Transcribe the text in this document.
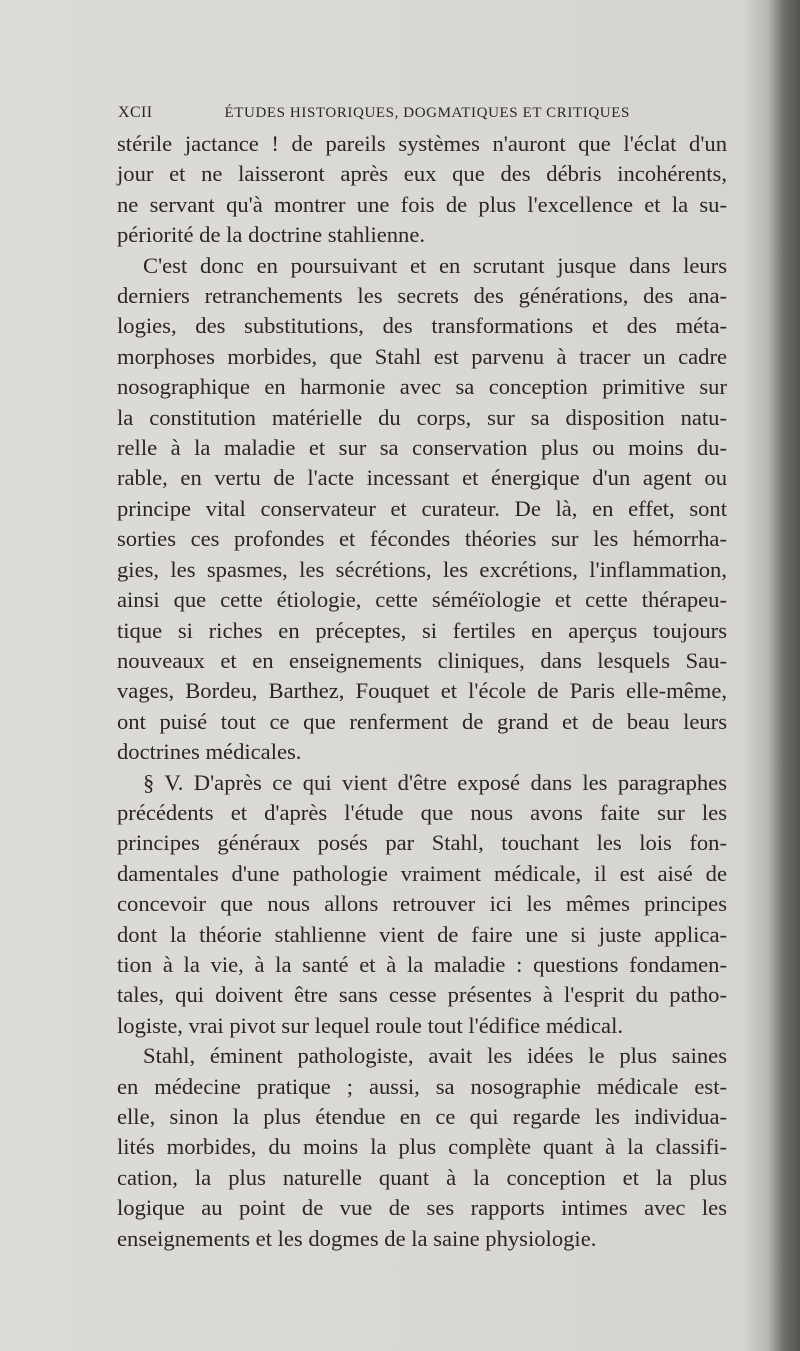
XCII	ÉTUDES HISTORIQUES, DOGMATIQUES ET CRITIQUES
stérile jactance ! de pareils systèmes n'auront que l'éclat d'un
jour et ne laisseront après eux que des débris incohérents,
ne servant qu'à montrer une fois de plus l'excellence et la su-
périorité de la doctrine stahlienne.
C'est donc en poursuivant et en scrutant jusque dans leurs
derniers retranchements les secrets des générations, des ana-
logies, des substitutions, des transformations et des méta-
morphoses morbides, que Stahl est parvenu à tracer un cadre
nosographique en harmonie avec sa conception primitive sur
la constitution matérielle du corps, sur sa disposition natu-
relle à la maladie et sur sa conservation plus ou moins du-
rable, en vertu de l'acte incessant et énergique d'un agent ou
principe vital conservateur et curateur. De là, en effet, sont
sorties ces profondes et fécondes théories sur les hémorrha-
gies, les spasmes, les sécrétions, les excrétions, l'inflammation,
ainsi que cette étiologie, cette séméïologie et cette thérapeu-
tique si riches en préceptes, si fertiles en aperçus toujours
nouveaux et en enseignements cliniques, dans lesquels Sau-
vages, Bordeu, Barthez, Fouquet et l'école de Paris elle-même,
ont puisé tout ce que renferment de grand et de beau leurs
doctrines médicales.
§ V. D'après ce qui vient d'être exposé dans les paragraphes
précédents et d'après l'étude que nous avons faite sur les
principes généraux posés par Stahl, touchant les lois fon-
damentales d'une pathologie vraiment médicale, il est aisé de
concevoir que nous allons retrouver ici les mêmes principes
dont la théorie stahlienne vient de faire une si juste applica-
tion à la vie, à la santé et à la maladie : questions fondamen-
tales, qui doivent être sans cesse présentes à l'esprit du patho-
logiste, vrai pivot sur lequel roule tout l'édifice médical.
Stahl, éminent pathologiste, avait les idées le plus saines
en médecine pratique ; aussi, sa nosographie médicale est-
elle, sinon la plus étendue en ce qui regarde les individua-
lités morbides, du moins la plus complète quant à la classifi-
cation, la plus naturelle quant à la conception et la plus
logique au point de vue de ses rapports intimes avec les
enseignements et les dogmes de la saine physiologie.
